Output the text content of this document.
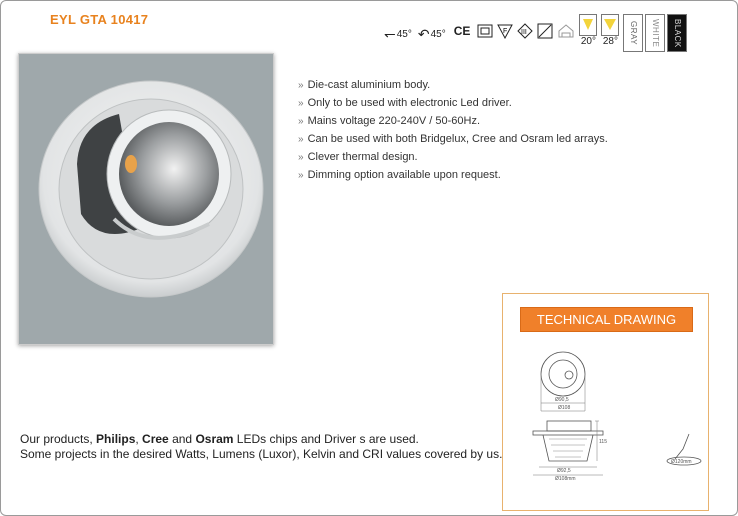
EYL GTA 10417
↽ 45° ↶ 45° CE	F III
20° 28° GRAY WHITE BLACK
» Die-cast aluminium body.
» Only to be used with electronic Led driver.
» Mains voltage 220-240V / 50-60Hz.
» Can be used with both Bridgelux, Cree and Osram led arrays.
» Clever thermal design.
» Dimming option available upon request.
TECHNICAL DRAWING
Ø90,5
Ø108
115
Ø92,5
Ø108mm
Ø120mm
Our products, Philips, Cree and Osram LEDs chips and Driver s are used.
Some projects in the desired Watts, Lumens (Luxor), Kelvin and CRI values covered by us.
